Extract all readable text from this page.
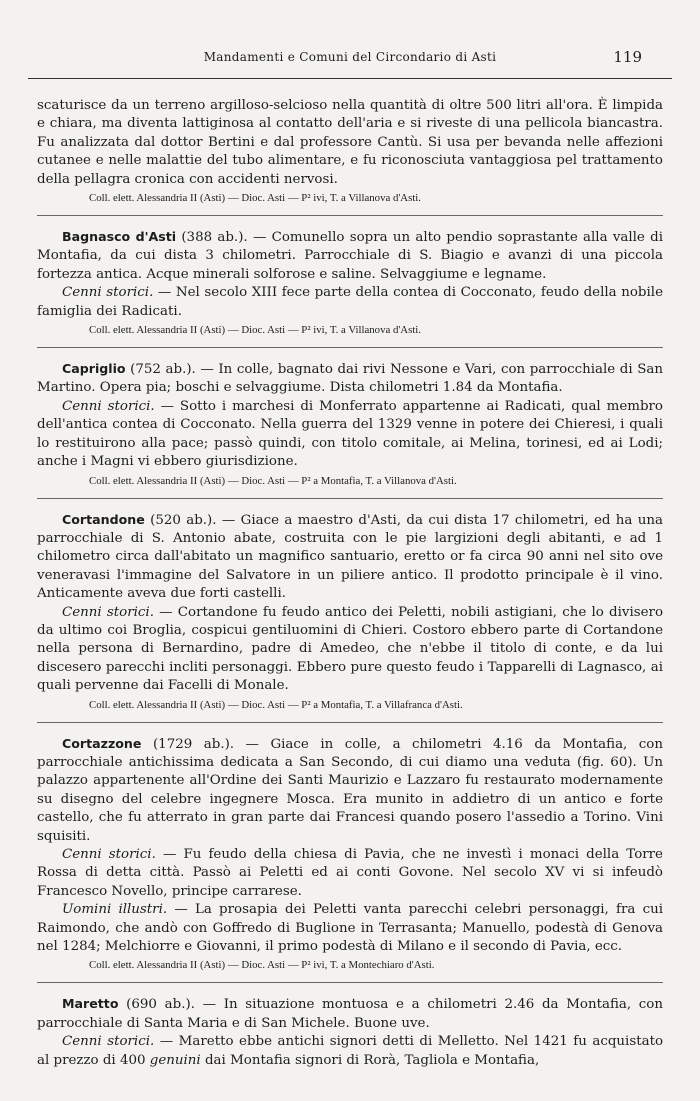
Mandamenti e Comuni del Circondario di Asti	119

scaturisce da un terreno argilloso-selcioso nella quantità di oltre 500 litri all'ora. È limpida e chiara, ma diventa lattiginosa al contatto dell'aria e si riveste di una pellicola biancastra. Fu analizzata dal dottor Bertini e dal professore Cantù. Si usa per bevanda nelle affezioni cutanee e nelle malattie del tubo alimentare, e fu riconosciuta vantaggiosa pel trattamento della pellagra cronica con accidenti nervosi.

Coll. elett. Alessandria II (Asti) — Dioc. Asti — P² ivi, T. a Villanova d'Asti.

Bagnasco d'Asti (388 ab.). — Comunello sopra un alto pendio soprastante alla valle di Montafia, da cui dista 3 chilometri. Parrocchiale di S. Biagio e avanzi di una piccola fortezza antica. Acque minerali solforose e saline. Selvaggiume e legname.

Cenni storici. — Nel secolo XIII fece parte della contea di Cocconato, feudo della nobile famiglia dei Radicati.

Coll. elett. Alessandria II (Asti) — Dioc. Asti — P² ivi, T. a Villanova d'Asti.

Capriglio (752 ab.). — In colle, bagnato dai rivi Nessone e Vari, con parrocchiale di San Martino. Opera pia; boschi e selvaggiume. Dista chilometri 1.84 da Montafia.

Cenni storici. — Sotto i marchesi di Monferrato appartenne ai Radicati, qual membro dell'antica contea di Cocconato. Nella guerra del 1329 venne in potere dei Chieresi, i quali lo restituirono alla pace; passò quindi, con titolo comitale, ai Melina, torinesi, ed ai Lodi; anche i Magni vi ebbero giurisdizione.

Coll. elett. Alessandria II (Asti) — Dioc. Asti — P² a Montafia, T. a Villanova d'Asti.

Cortandone (520 ab.). — Giace a maestro d'Asti, da cui dista 17 chilometri, ed ha una parrocchiale di S. Antonio abate, costruita con le pie largizioni degli abitanti, e ad 1 chilometro circa dall'abitato un magnifico santuario, eretto or fa circa 90 anni nel sito ove veneravasi l'immagine del Salvatore in un piliere antico. Il prodotto principale è il vino. Anticamente aveva due forti castelli.

Cenni storici. — Cortandone fu feudo antico dei Peletti, nobili astigiani, che lo divisero da ultimo coi Broglia, cospicui gentiluomini di Chieri. Costoro ebbero parte di Cortandone nella persona di Bernardino, padre di Amedeo, che n'ebbe il titolo di conte, e da lui discesero parecchi incliti personaggi. Ebbero pure questo feudo i Tapparelli di Lagnasco, ai quali pervenne dai Facelli di Monale.

Coll. elett. Alessandria II (Asti) — Dioc. Asti — P² a Montafia, T. a Villafranca d'Asti.

Cortazzone (1729 ab.). — Giace in colle, a chilometri 4.16 da Montafia, con parrocchiale antichissima dedicata a San Secondo, di cui diamo una veduta (fig. 60). Un palazzo appartenente all'Ordine dei Santi Maurizio e Lazzaro fu restaurato modernamente su disegno del celebre ingegnere Mosca. Era munito in addietro di un antico e forte castello, che fu atterrato in gran parte dai Francesi quando posero l'assedio a Torino. Vini squisiti.

Cenni storici. — Fu feudo della chiesa di Pavia, che ne investì i monaci della Torre Rossa di detta città. Passò ai Peletti ed ai conti Govone. Nel secolo XV vi si infeudò Francesco Novello, principe carrarese.

Uomini illustri. — La prosapia dei Peletti vanta parecchi celebri personaggi, fra cui Raimondo, che andò con Goffredo di Buglione in Terrasanta; Manuello, podestà di Genova nel 1284; Melchiorre e Giovanni, il primo podestà di Milano e il secondo di Pavia, ecc.

Coll. elett. Alessandria II (Asti) — Dioc. Asti — P² ivi, T. a Montechiaro d'Asti.

Maretto (690 ab.). — In situazione montuosa e a chilometri 2.46 da Montafia, con parrocchiale di Santa Maria e di San Michele. Buone uve.

Cenni storici. — Maretto ebbe antichi signori detti di Melletto. Nel 1421 fu acquistato al prezzo di 400 genuini dai Montafia signori di Rorà, Tagliola e Montafia,
